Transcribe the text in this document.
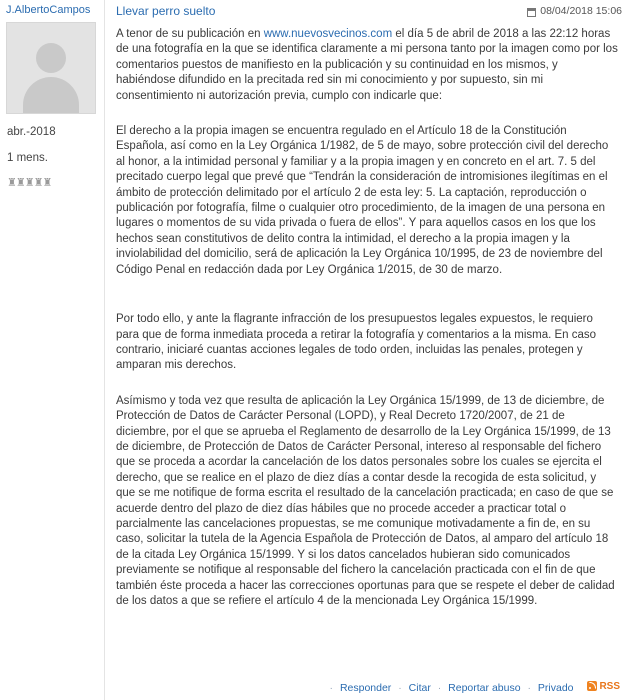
J.AlbertoCampos
abr.-2018
1 mens.
♜♜♜♜♜
Llevar perro suelto	08/04/2018 15:06

A tenor de su publicación en www.nuevosvecinos.com el día 5 de abril de 2018 a las 22:12 horas de una fotografía en la que se identifica claramente a mi persona tanto por la imagen como por los comentarios puestos de manifiesto en la publicación y su continuidad en los mismos, y habiéndose difundido en la precitada red sin mi conocimiento y por supuesto, sin mi consentimiento ni autorización previa, cumplo con indicarle que:

El derecho a la propia imagen se encuentra regulado en el Artículo 18 de la Constitución Española, así como en la Ley Orgánica 1/1982, de 5 de mayo, sobre protección civil del derecho al honor, a la intimidad personal y familiar y a la propia imagen y en concreto en el art. 7. 5 del precitado cuerpo legal que prevé que “Tendrán la consideración de intromisiones ilegítimas en el ámbito de protección delimitado por el artículo 2 de esta ley: 5. La captación, reproducción o publicación por fotografía, filme o cualquier otro procedimiento, de la imagen de una persona en lugares o momentos de su vida privada o fuera de ellos”. Y para aquellos casos en los que los hechos sean constitutivos de delito contra la intimidad, el derecho a la propia imagen y la inviolabilidad del domicilio, será de aplicación la Ley Orgánica 10/1995, de 23 de noviembre del Código Penal en redacción dada por Ley Orgánica 1/2015, de 30 de marzo.

Por todo ello, y ante la flagrante infracción de los presupuestos legales expuestos, le requiero para que de forma inmediata proceda a retirar la fotografía y comentarios a la misma. En caso contrario, iniciaré cuantas acciones legales de todo orden, incluidas las penales, protegen y amparan mis derechos.

Asímismo y toda vez que resulta de aplicación la Ley Orgánica 15/1999, de 13 de diciembre, de Protección de Datos de Carácter Personal (LOPD), y Real Decreto 1720/2007, de 21 de diciembre, por el que se aprueba el Reglamento de desarrollo de la Ley Orgánica 15/1999, de 13 de diciembre, de Protección de Datos de Carácter Personal, intereso al responsable del fichero que se proceda a acordar la cancelación de los datos personales sobre los cuales se ejercita el derecho, que se realice en el plazo de diez días a contar desde la recogida de esta solicitud, y que se me notifique de forma escrita el resultado de la cancelación practicada; en caso de que se acuerde dentro del plazo de diez días hábiles que no procede acceder a practicar total o parcialmente las cancelaciones propuestas, se me comunique motivadamente a fin de, en su caso, solicitar la tutela de la Agencia Española de Protección de Datos, al amparo del artículo 18 de la citada Ley Orgánica 15/1999. Y si los datos cancelados hubieran sido comunicados previamente se notifique al responsable del fichero la cancelación practicada con el fin de que también éste proceda a hacer las correcciones oportunas para que se respete el deber de calidad de los datos a que se refiere el artículo 4 de la mencionada Ley Orgánica 15/1999.

· Responder · Citar · Reportar abuso · Privado	RSS
